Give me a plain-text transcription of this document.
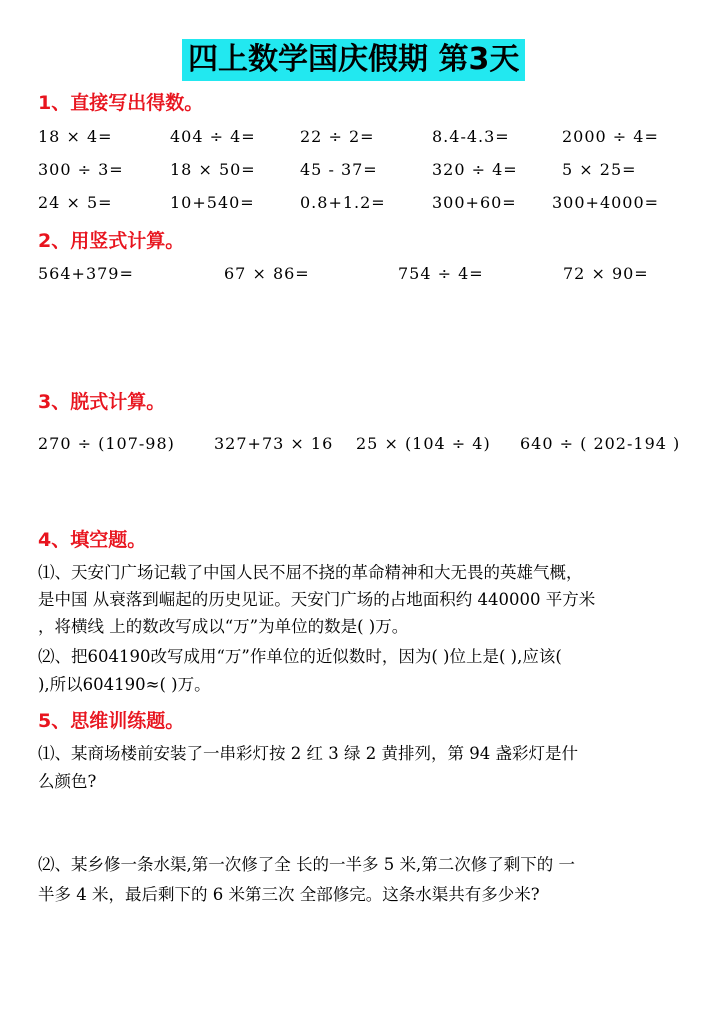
四上数学国庆假期 第3天
1、直接写出得数。
18 × 4=	404 ÷ 4=	22 ÷ 2=	8.4-4.3=	2000 ÷ 4=
300 ÷ 3=	18 × 50=	45 - 37=	320 ÷ 4=	5 × 25=
24 × 5=	10+540=	0.8+1.2=	300+60= 300+4000=
2、用竖式计算。
564+379=	67 × 86=	754 ÷ 4=	72 × 90=
3、脱式计算。
270 ÷ (107-98) 327+73 × 16 25 × (104 ÷ 4) 640 ÷ ( 202-194 )
4、填空题。
⑴、天安门广场记载了中国人民不屈不挠的革命精神和大无畏的英雄气概，
是中国 从衰落到崛起的历史见证。天安门广场的占地面积约 440000 平方米
，将横线 上的数改写成以“万”为单位的数是( )万。
⑵、把604190改写成用“万”作单位的近似数时，因为( )位上是( ),应该(
),所以604190≈( )万。
5、思维训练题。
⑴、某商场楼前安装了一串彩灯按 2 红 3 绿 2 黄排列，第 94 盏彩灯是什
么颜色?
⑵、某乡修一条水渠,第一次修了全 长的一半多 5 米,第二次修了剩下的 一
半多 4 米，最后剩下的 6 米第三次 全部修完。这条水渠共有多少米?
